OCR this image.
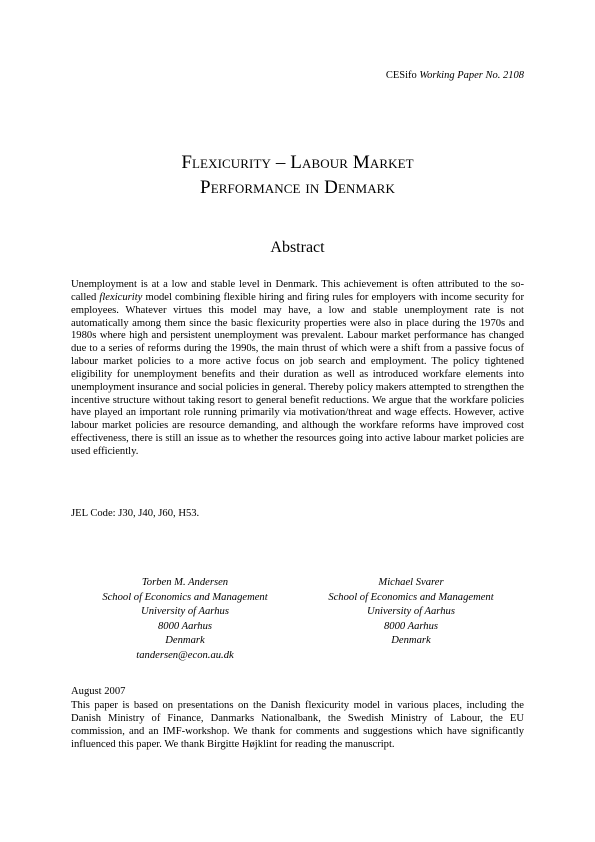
CESifo Working Paper No. 2108
Flexicurity – Labour Market
Performance in Denmark
Abstract
Unemployment is at a low and stable level in Denmark. This achievement is often attributed to the so-called flexicurity model combining flexible hiring and firing rules for employers with income security for employees. Whatever virtues this model may have, a low and stable unemployment rate is not automatically among them since the basic flexicurity properties were also in place during the 1970s and 1980s where high and persistent unemployment was prevalent. Labour market performance has changed due to a series of reforms during the 1990s, the main thrust of which were a shift from a passive focus of labour market policies to a more active focus on job search and employment. The policy tightened eligibility for unemployment benefits and their duration as well as introduced workfare elements into unemployment insurance and social policies in general. Thereby policy makers attempted to strengthen the incentive structure without taking resort to general benefit reductions. We argue that the workfare policies have played an important role running primarily via motivation/threat and wage effects. However, active labour market policies are resource demanding, and although the workfare reforms have improved cost effectiveness, there is still an issue as to whether the resources going into active labour market policies are used efficiently.
JEL Code: J30, J40, J60, H53.
Torben M. Andersen
School of Economics and Management
University of Aarhus
8000 Aarhus
Denmark
tandersen@econ.au.dk
Michael Svarer
School of Economics and Management
University of Aarhus
8000 Aarhus
Denmark
August 2007
This paper is based on presentations on the Danish flexicurity model in various places, including the Danish Ministry of Finance, Danmarks Nationalbank, the Swedish Ministry of Labour, the EU commission, and an IMF-workshop. We thank for comments and suggestions which have significantly influenced this paper. We thank Birgitte Højklint for reading the manuscript.
